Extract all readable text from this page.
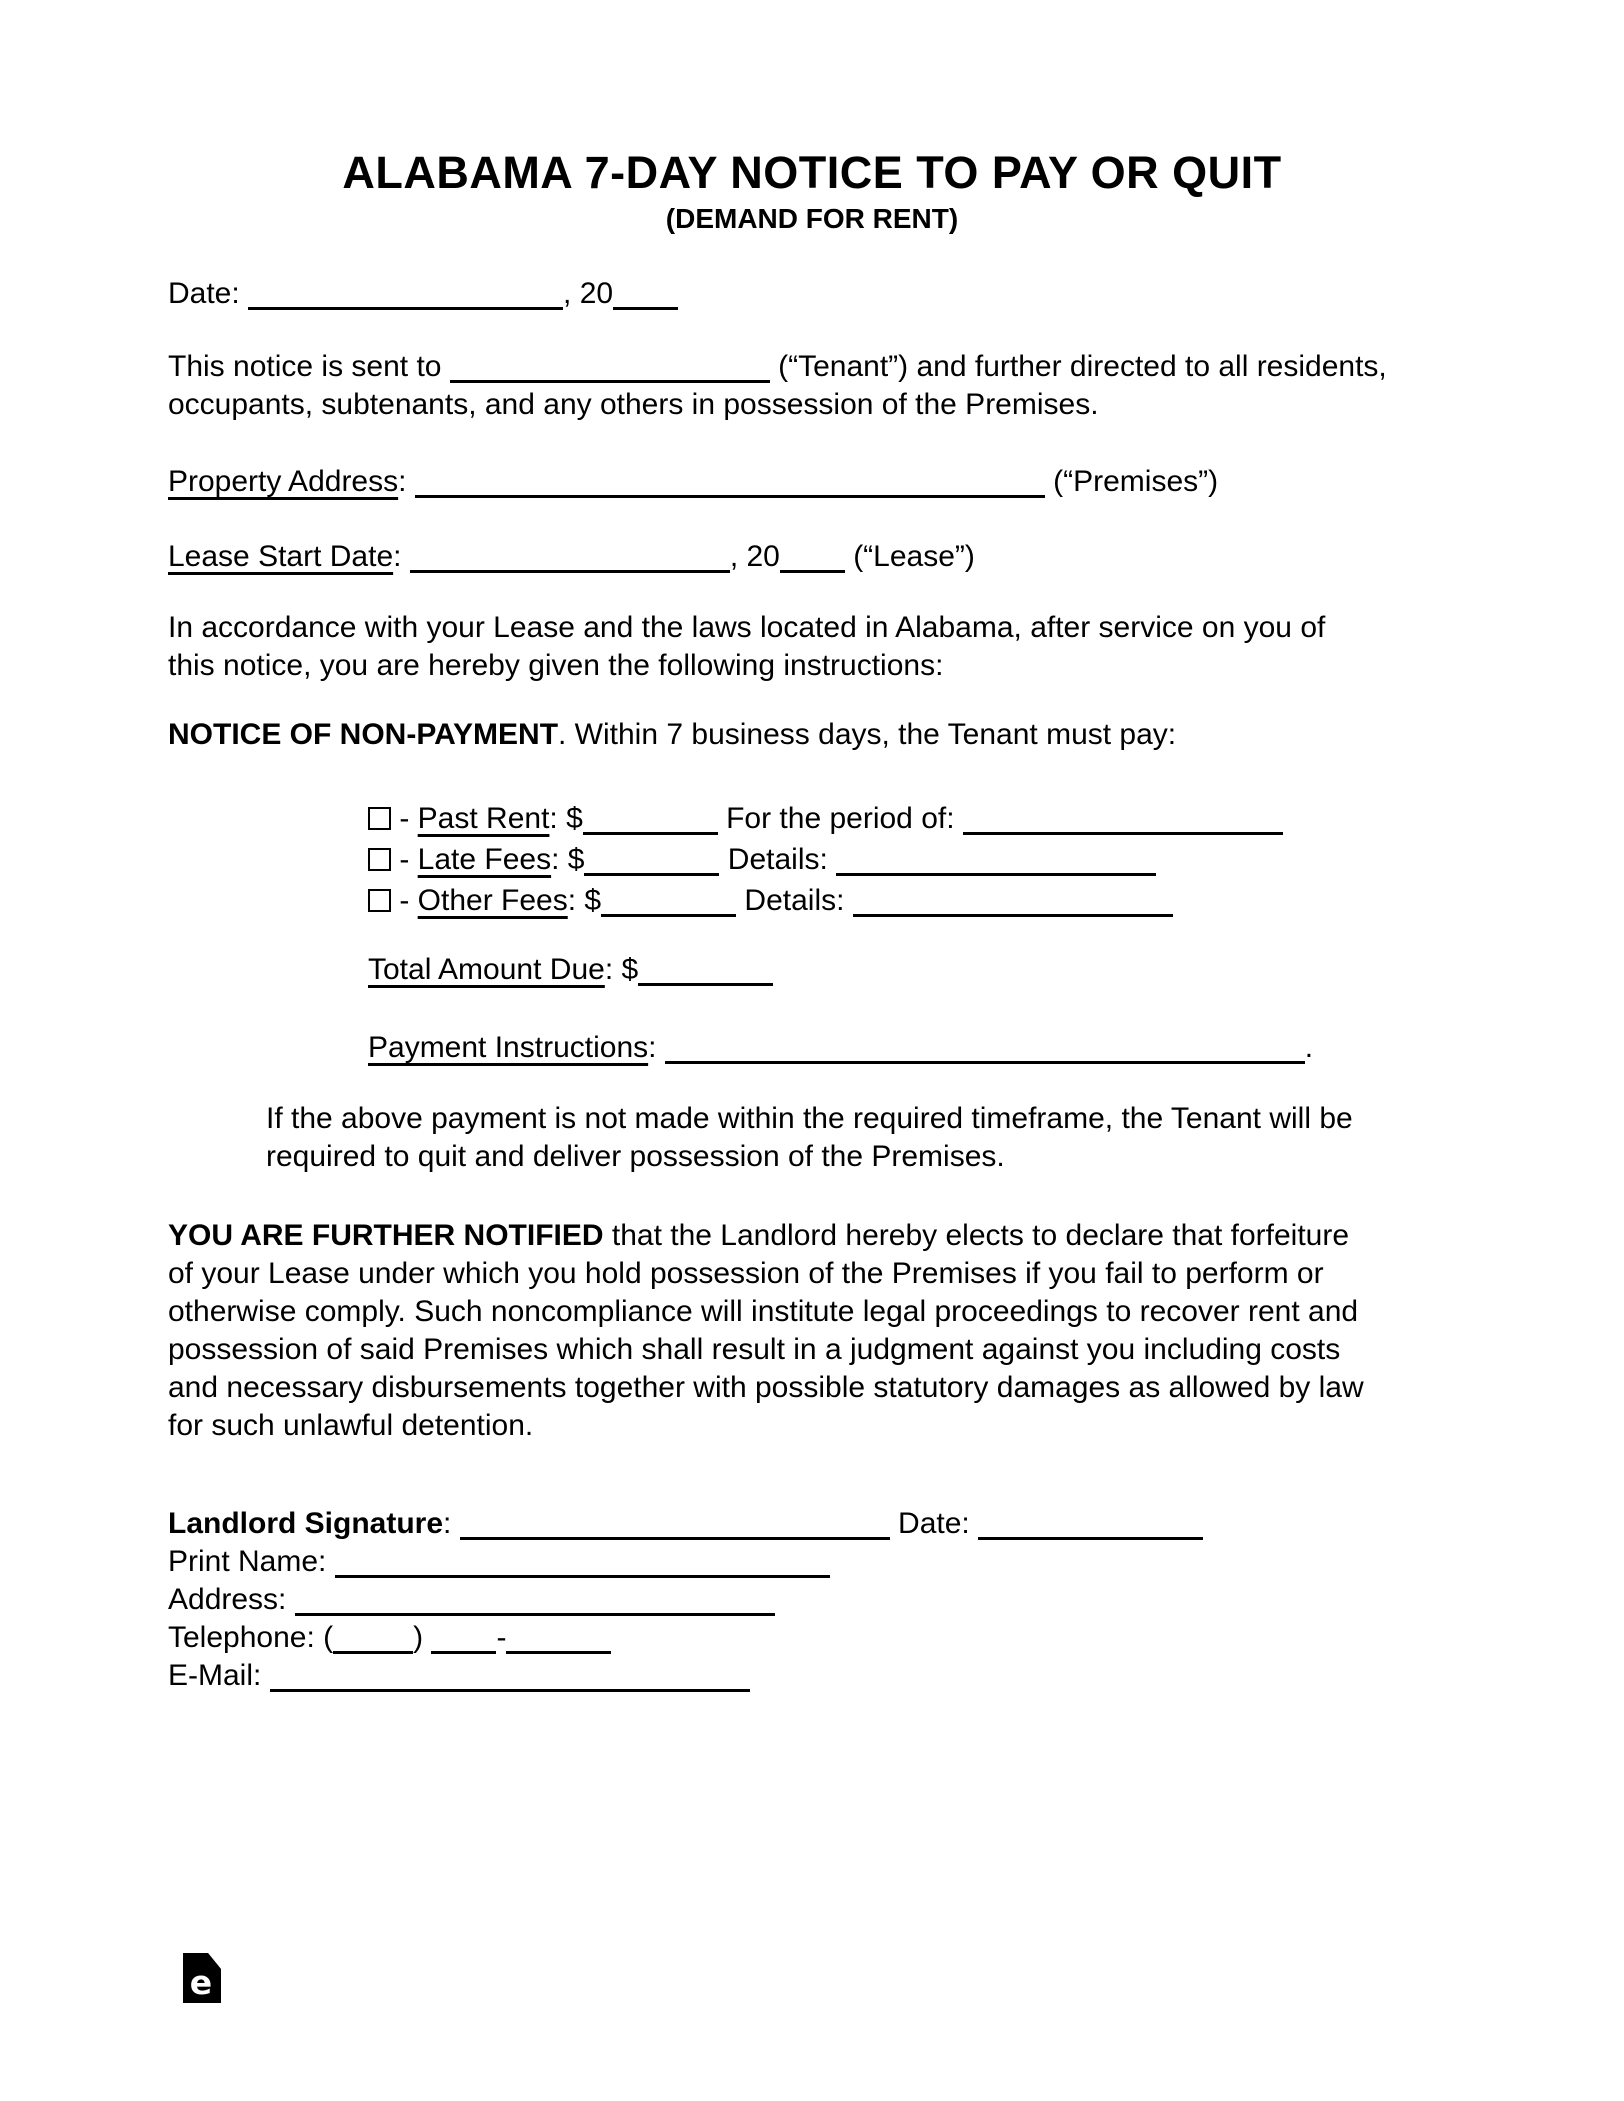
ALABAMA 7-DAY NOTICE TO PAY OR QUIT
(DEMAND FOR RENT)
Date:	, 20
This notice is sent to	(“Tenant”) and further directed to all residents,
occupants, subtenants, and any others in possession of the Premises.
Property Address:	(“Premises”)
Lease Start Date:	, 20 (“Lease”)
In accordance with your Lease and the laws located in Alabama, after service on you of
this notice, you are hereby given the following instructions:
NOTICE OF NON-PAYMENT. Within 7 business days, the Tenant must pay:
- Past Rent: $	For the period of:
- Late Fees: $	Details:
- Other Fees: $	Details:
Total Amount Due: $
Payment Instructions:	.
If the above payment is not made within the required timeframe, the Tenant will be
required to quit and deliver possession of the Premises.
YOU ARE FURTHER NOTIFIED that the Landlord hereby elects to declare that forfeiture
of your Lease under which you hold possession of the Premises if you fail to perform or
otherwise comply. Such noncompliance will institute legal proceedings to recover rent and
possession of said Premises which shall result in a judgment against you including costs
and necessary disbursements together with possible statutory damages as allowed by law
for such unlawful detention.
Landlord Signature:	Date:
Print Name:
Address:
Telephone: (	) -
E-Mail:
e
